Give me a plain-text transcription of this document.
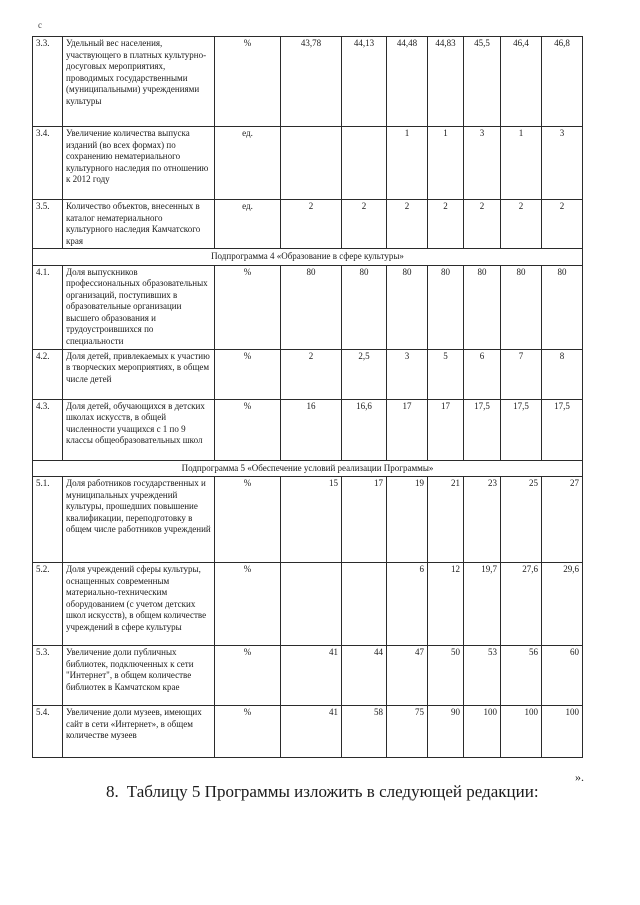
c
3.3.	Удельный вес населения, участвующего в платных культурно-досуговых мероприятиях, проводимых государственными (муниципальными) учреждениями культуры	%	43,78	44,13	44,48	44,83	45,5	46,4	46,8
3.4.	Увеличение количества выпуска изданий (во всех формах) по сохранению нематериального культурного наследия по отношению к 2012 году	ед.			1	1	3	1	3
3.5.	Количество объектов, внесенных в каталог нематериального культурного наследия Камчатского края	ед.	2	2	2	2	2	2	2
Подпрограмма 4 «Образование в сфере культуры»									
4.1.	Доля выпускников профессиональных образовательных организаций, поступивших в образовательные организации высшего образования и трудоустроившихся по специальности	%	80	80	80	80	80	80	80
4.2.	Доля детей, привлекаемых к участию в творческих мероприятиях, в общем числе детей	%	2	2,5	3	5	6	7	8
4.3.	Доля детей, обучающихся в детских школах искусств, в общей численности учащихся с 1 по 9 классы общеобразовательных школ	%	16	16,6	17	17	17,5	17,5	17,5
Подпрограмма 5 «Обеспечение условий реализации Программы»									
5.1.	Доля работников государственных и муниципальных учреждений культуры, прошедших повышение квалификации, переподготовку в общем числе работников учреждений	%	15	17	19	21	23	25	27
5.2.	Доля учреждений сферы культуры, оснащенных современным материально-техническим оборудованием (с учетом детских школ искусств), в общем количестве учреждений в сфере культуры	%			6	12	19,7	27,6	29,6
5.3.	Увеличение доли публичных библиотек, подключенных к сети "Интернет", в общем количестве библиотек в Камчатском крае	%	41	44	47	50	53	56	60
5.4.	Увеличение доли музеев, имеющих сайт в сети «Интернет», в общем количестве музеев	%	41	58	75	90	100	100	100
».
8. Таблицу 5 Программы изложить в следующей редакции:
